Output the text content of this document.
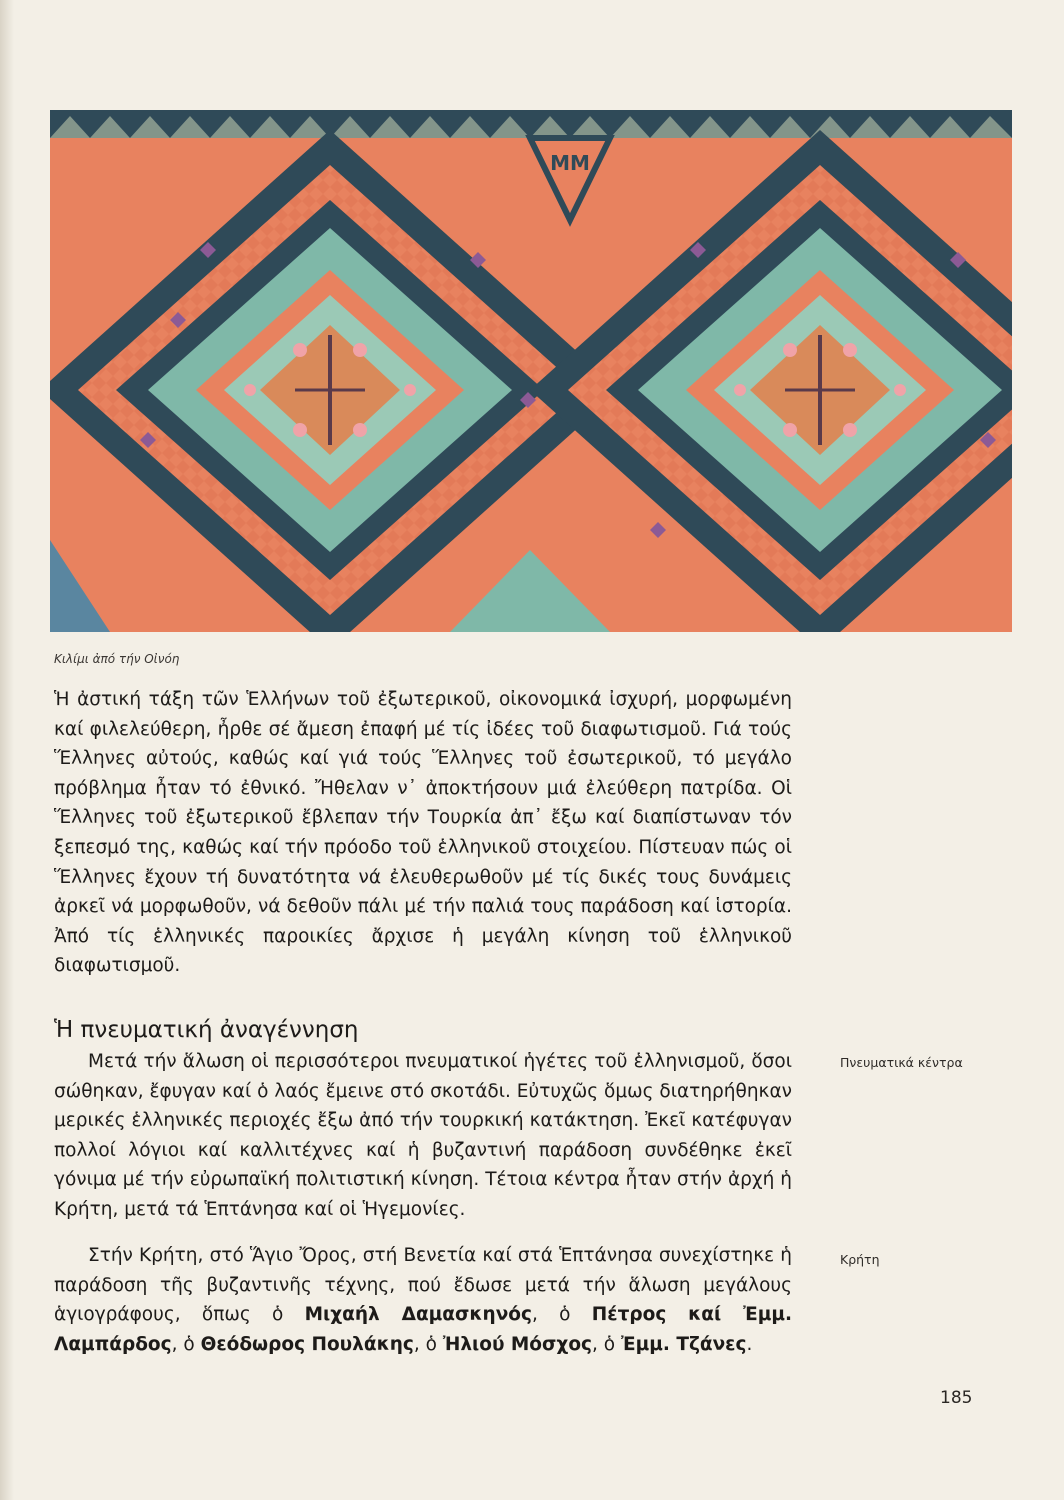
MM
Κιλίμι ἀπό τήν Οἰνόη
Ἡ ἀστική τάξη τῶν Ἑλλήνων τοῦ ἐξωτερικοῦ, οἰκονομικά ἰσχυρή, μορφωμένη καί φιλελεύθερη, ἦρθε σέ ἄμεση ἐπαφή μέ τίς ἰδέες τοῦ διαφωτισμοῦ. Γιά τούς Ἕλληνες αὐτούς, καθώς καί γιά τούς Ἕλληνες τοῦ ἐσωτερικοῦ, τό μεγάλο πρόβλημα ἦταν τό ἐθνικό. Ἤθελαν ν᾽ ἀποκτήσουν μιά ἐλεύθερη πατρίδα. Οἱ Ἕλληνες τοῦ ἐξωτερικοῦ ἔβλεπαν τήν Τουρκία ἀπ᾽ ἔξω καί διαπίστωναν τόν ξεπεσμό της, καθώς καί τήν πρόοδο τοῦ ἑλληνικοῦ στοιχείου. Πίστευαν πώς οἱ Ἕλληνες ἔχουν τή δυνατότητα νά ἐλευθερωθοῦν μέ τίς δικές τους δυνάμεις ἀρκεῖ νά μορφωθοῦν, νά δεθοῦν πάλι μέ τήν παλιά τους παράδοση καί ἱστορία. Ἀπό τίς ἑλληνικές παροικίες ἄρχισε ἡ μεγάλη κίνηση τοῦ ἑλληνικοῦ διαφωτισμοῦ.
Ἡ πνευματική ἀναγέννηση
Μετά τήν ἅλωση οἱ περισσότεροι πνευματικοί ἡγέτες τοῦ ἑλληνισμοῦ, ὅσοι σώθηκαν, ἔφυγαν καί ὁ λαός ἔμεινε στό σκοτάδι. Εὐτυχῶς ὅμως διατηρήθηκαν μερικές ἑλληνικές περιοχές ἔξω ἀπό τήν τουρκική κατάκτηση. Ἐκεῖ κατέφυγαν πολλοί λόγιοι καί καλλιτέχνες καί ἡ βυζαντινή παράδοση συνδέθηκε ἐκεῖ γόνιμα μέ τήν εὐρωπαϊκή πολιτιστική κίνηση. Τέτοια κέντρα ἦταν στήν ἀρχή ἡ Κρήτη, μετά τά Ἑπτάνησα καί οἱ Ἡγεμονίες.
Στήν Κρήτη, στό Ἅγιο Ὄρος, στή Βενετία καί στά Ἑπτάνησα συνεχίστηκε ἡ παράδοση τῆς βυζαντινῆς τέχνης, πού ἔδωσε μετά τήν ἅλωση μεγάλους ἁγιογράφους, ὅπως ὁ Μιχαήλ Δαμασκηνός, ὁ Πέτρος καί Ἐμμ. Λαμπάρδος, ὁ Θεόδωρος Πουλάκης, ὁ Ἠλιού Μόσχος, ὁ Ἐμμ. Τζάνες.
Πνευματικά κέντρα
Κρήτη
185
